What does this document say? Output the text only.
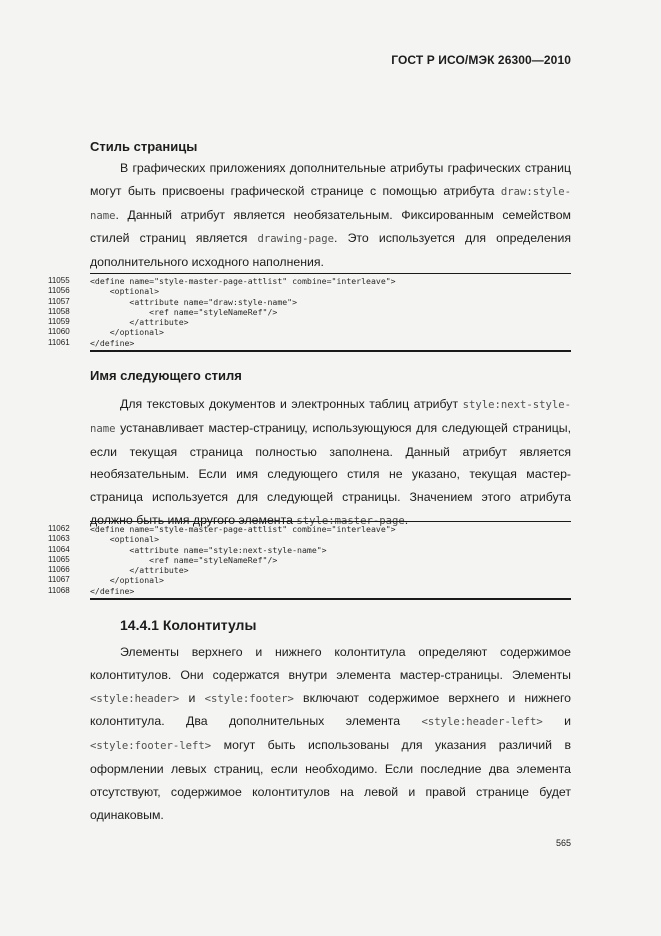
ГОСТ Р ИСО/МЭК 26300—2010
Стиль страницы

В графических приложениях дополнительные атрибуты графических страниц могут быть присвоены графической странице с помощью атрибута draw:style-name. Данный атрибут является необязательным. Фиксированным семейством стилей страниц является drawing-page. Это используется для определения дополнительного исходного наполнения.

11055	<define name="style-master-page-attlist" combine="interleave">
11056	<optional>
11057	<attribute name="draw:style-name">
11058	<ref name="styleNameRef"/>
11059	</attribute>
11060	</optional>
11061	</define>
Имя следующего стиля

Для текстовых документов и электронных таблиц атрибут style:next-style-name устанавливает мастер-страницу, использующуюся для следующей страницы, если текущая страница полностью заполнена. Данный атрибут является необязательным. Если имя следующего стиля не указано, текущая мастер-страница используется для следующей страницы. Значением этого атрибута должно быть имя другого элемента style:master-page.

11062	<define name="style-master-page-attlist" combine="interleave">
11063	<optional>
11064	<attribute name="style:next-style-name">
11065	<ref name="styleNameRef"/>
11066	</attribute>
11067	</optional>
11068	</define>
14.4.1 Колонтитулы

Элементы верхнего и нижнего колонтитула определяют содержимое колонтитулов. Они содержатся внутри элемента мастер-страницы. Элементы <style:header> и <style:footer> включают содержимое верхнего и нижнего колонтитула. Два дополнительных элемента <style:header-left> и <style:footer-left> могут быть использованы для указания различий в оформлении левых страниц, если необходимо. Если последние два элемента отсутствуют, содержимое колонтитулов на левой и правой странице будет одинаковым.

565
